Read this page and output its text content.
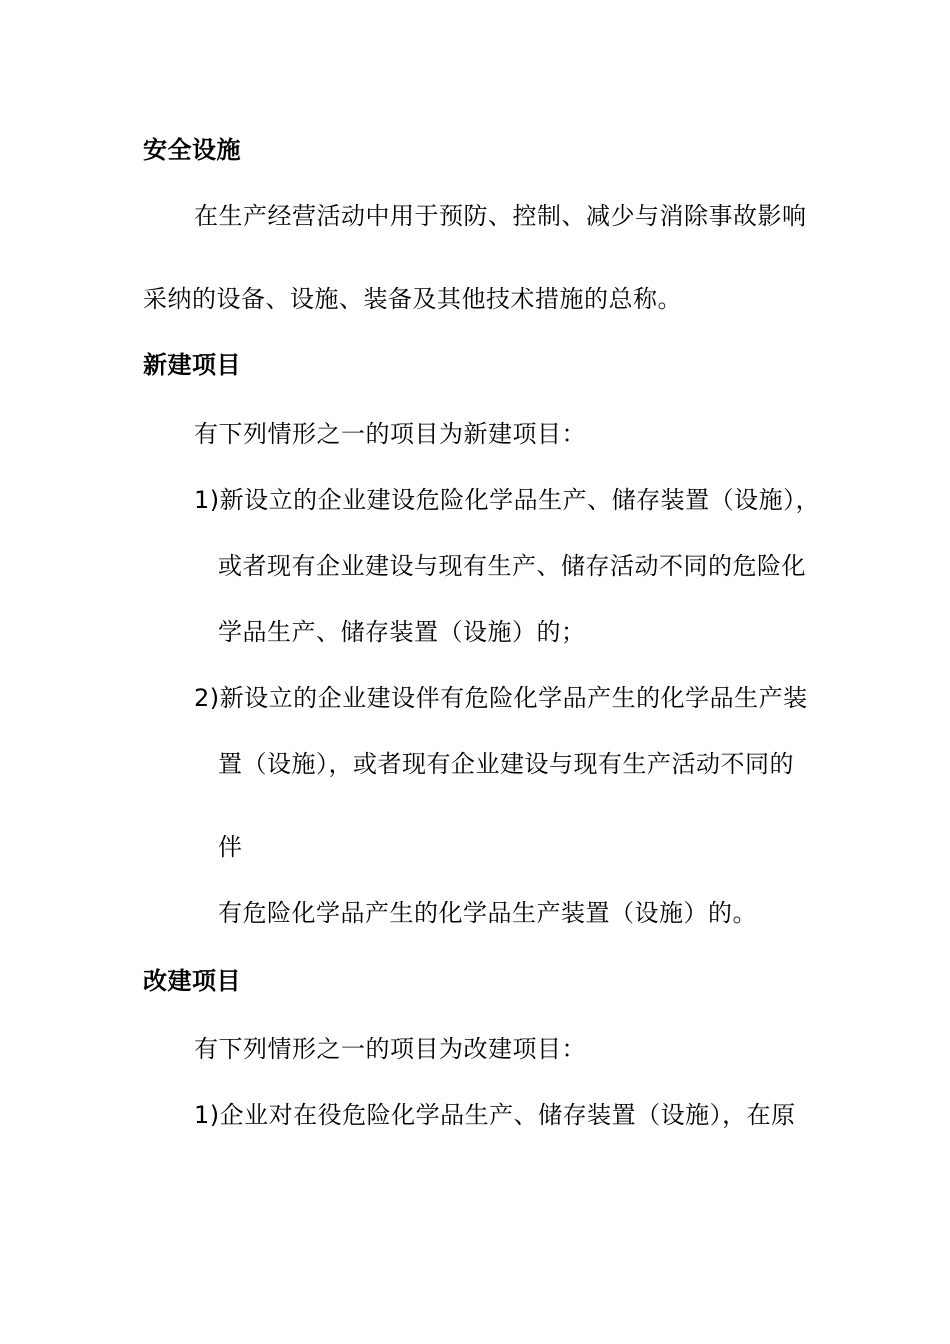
安全设施
在生产经营活动中用于预防、控制、减少与消除事故影响
采纳的设备、设施、装备及其他技术措施的总称。
新建项目
有下列情形之一的项目为新建项目：
1)新设立的企业建设危险化学品生产、储存装置（设施），
或者现有企业建设与现有生产、储存活动不同的危险化
学品生产、储存装置（设施）的；
2)新设立的企业建设伴有危险化学品产生的化学品生产装
置（设施），或者现有企业建设与现有生产活动不同的
伴
有危险化学品产生的化学品生产装置（设施）的。
改建项目
有下列情形之一的项目为改建项目：
1)企业对在役危险化学品生产、储存装置（设施），在原
